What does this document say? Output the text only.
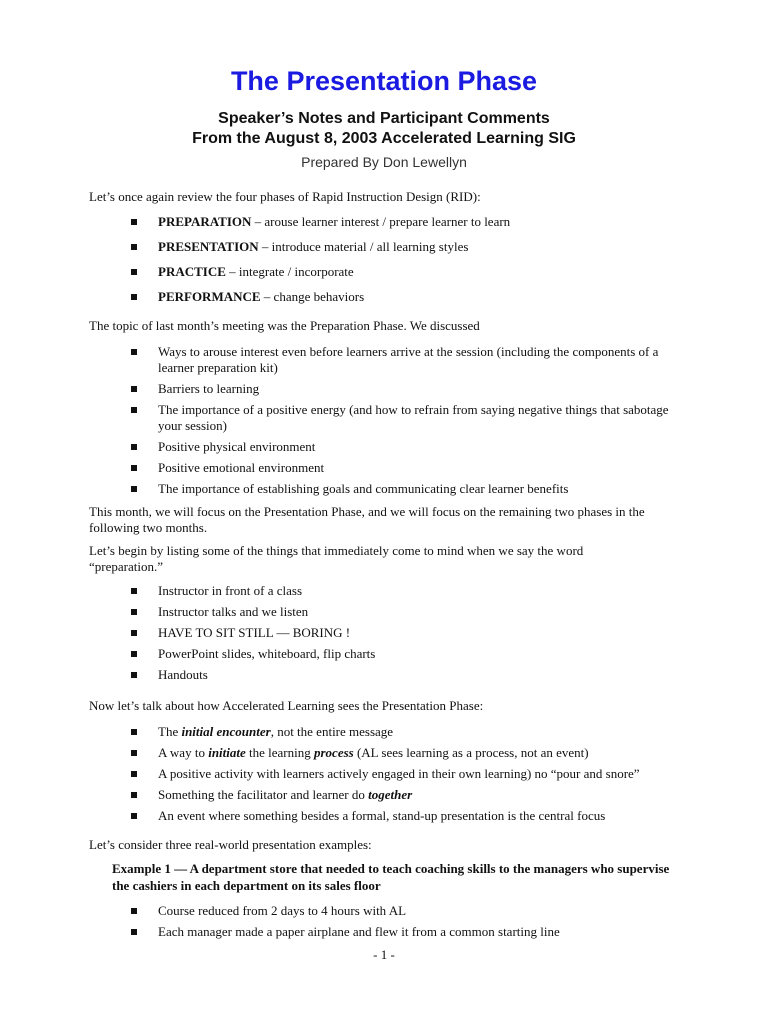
The Presentation Phase
Speaker’s Notes and Participant Comments
From the August 8, 2003 Accelerated Learning SIG
Prepared By Don Lewellyn
Let’s once again review the four phases of Rapid Instruction Design (RID):
PREPARATION – arouse learner interest / prepare learner to learn
PRESENTATION – introduce material / all learning styles
PRACTICE – integrate / incorporate
PERFORMANCE – change behaviors
The topic of last month’s meeting was the Preparation Phase. We discussed
Ways to arouse interest even before learners arrive at the session (including the components of a learner preparation kit)
Barriers to learning
The importance of a positive energy (and how to refrain from saying negative things that sabotage your session)
Positive physical environment
Positive emotional environment
The importance of establishing goals and communicating clear learner benefits
This month, we will focus on the Presentation Phase, and we will focus on the remaining two phases in the following two months.
Let’s begin by listing some of the things that immediately come to mind when we say the word “preparation.”
Instructor in front of a class
Instructor talks and we listen
HAVE TO SIT STILL — BORING !
PowerPoint slides, whiteboard, flip charts
Handouts
Now let’s talk about how Accelerated Learning sees the Presentation Phase:
The initial encounter, not the entire message
A way to initiate the learning process (AL sees learning as a process, not an event)
A positive activity with learners actively engaged in their own learning) no “pour and snore”
Something the facilitator and learner do together
An event where something besides a formal, stand-up presentation is the central focus
Let’s consider three real-world presentation examples:
Example 1 — A department store that needed to teach coaching skills to the managers who supervise the cashiers in each department on its sales floor
Course reduced from 2 days to 4 hours with AL
Each manager made a paper airplane and flew it from a common starting line
- 1 -
